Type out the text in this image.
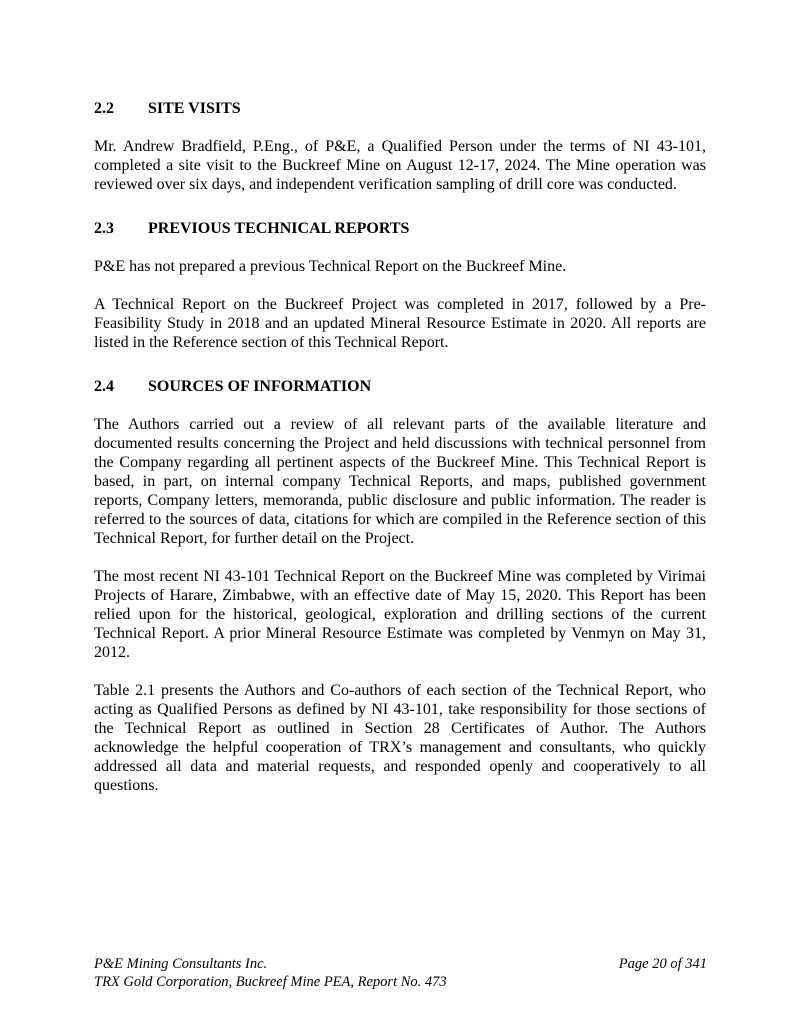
2.2 SITE VISITS

Mr. Andrew Bradfield, P.Eng., of P&E, a Qualified Person under the terms of NI 43-101, completed a site visit to the Buckreef Mine on August 12-17, 2024. The Mine operation was reviewed over six days, and independent verification sampling of drill core was conducted.

2.3 PREVIOUS TECHNICAL REPORTS

P&E has not prepared a previous Technical Report on the Buckreef Mine.

A Technical Report on the Buckreef Project was completed in 2017, followed by a Pre-Feasibility Study in 2018 and an updated Mineral Resource Estimate in 2020. All reports are listed in the Reference section of this Technical Report.

2.4 SOURCES OF INFORMATION

The Authors carried out a review of all relevant parts of the available literature and documented results concerning the Project and held discussions with technical personnel from the Company regarding all pertinent aspects of the Buckreef Mine. This Technical Report is based, in part, on internal company Technical Reports, and maps, published government reports, Company letters, memoranda, public disclosure and public information. The reader is referred to the sources of data, citations for which are compiled in the Reference section of this Technical Report, for further detail on the Project.

The most recent NI 43-101 Technical Report on the Buckreef Mine was completed by Virimai Projects of Harare, Zimbabwe, with an effective date of May 15, 2020. This Report has been relied upon for the historical, geological, exploration and drilling sections of the current Technical Report. A prior Mineral Resource Estimate was completed by Venmyn on May 31, 2012.

Table 2.1 presents the Authors and Co-authors of each section of the Technical Report, who acting as Qualified Persons as defined by NI 43-101, take responsibility for those sections of the Technical Report as outlined in Section 28 Certificates of Author. The Authors acknowledge the helpful cooperation of TRX’s management and consultants, who quickly addressed all data and material requests, and responded openly and cooperatively to all questions.

P&E Mining Consultants Inc.	Page 20 of 341
TRX Gold Corporation, Buckreef Mine PEA, Report No. 473
